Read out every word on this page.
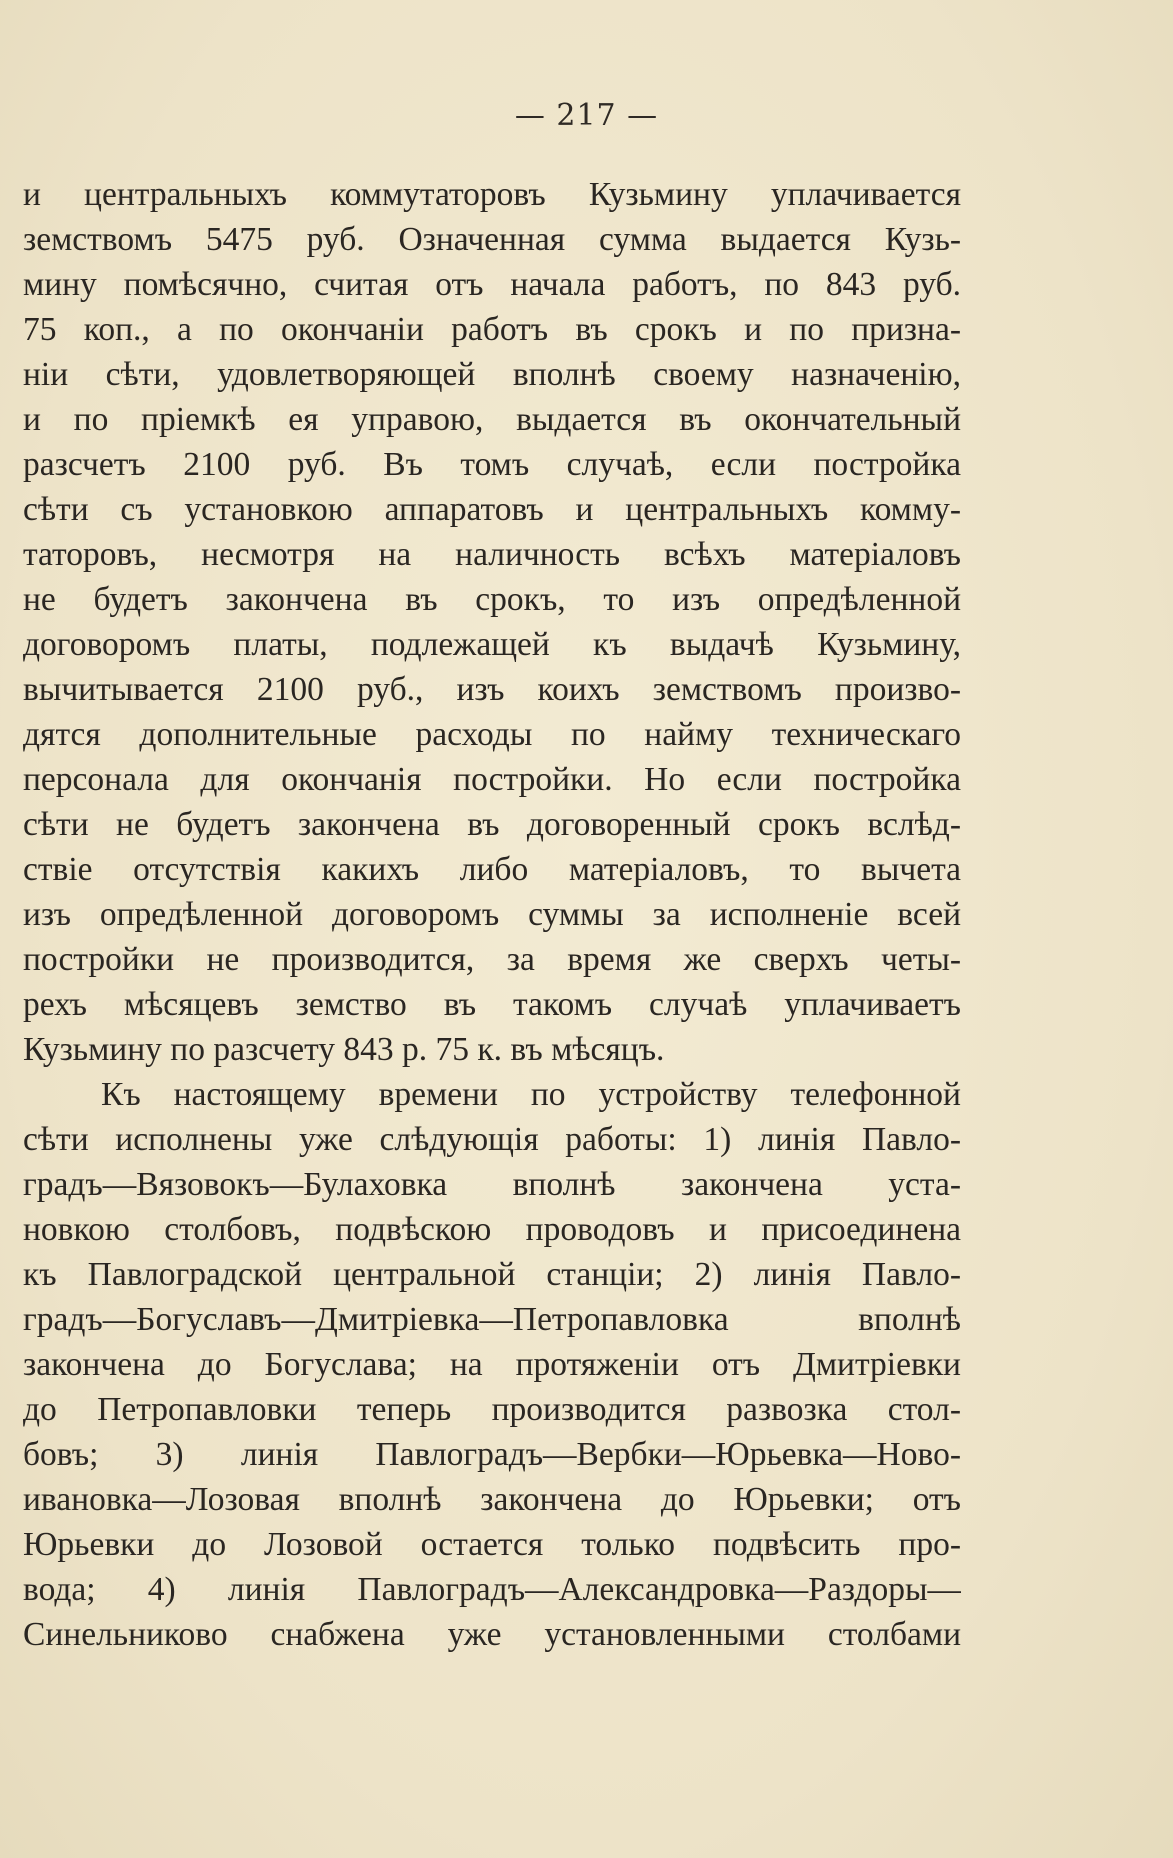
— 217 —
и центральныхъ коммутаторовъ Кузьмину уплачивается
земствомъ 5475 руб. Означенная сумма выдается Кузь-
мину помѣсячно, считая отъ начала работъ, по 843 руб.
75 коп., а по окончаніи работъ въ срокъ и по призна-
ніи сѣти, удовлетворяющей вполнѣ своему назначенію,
и по пріемкѣ ея управою, выдается въ окончательный
разсчетъ 2100 руб. Въ томъ случаѣ, если постройка
сѣти съ установкою аппаратовъ и центральныхъ комму-
таторовъ, несмотря на наличность всѣхъ матеріаловъ
не будетъ закончена въ срокъ, то изъ опредѣленной
договоромъ платы, подлежащей къ выдачѣ Кузьмину,
вычитывается 2100 руб., изъ коихъ земствомъ произво-
дятся дополнительные расходы по найму техническаго
персонала для окончанія постройки. Но если постройка
сѣти не будетъ закончена въ договоренный срокъ вслѣд-
ствіе отсутствія какихъ либо матеріаловъ, то вычета
изъ опредѣленной договоромъ суммы за исполненіе всей
постройки не производится, за время же сверхъ четы-
рехъ мѣсяцевъ земство въ такомъ случаѣ уплачиваетъ
Кузьмину по разсчету 843 р. 75 к. въ мѣсяцъ.
Къ настоящему времени по устройству телефонной
сѣти исполнены уже слѣдующія работы: 1) линія Павло-
градъ—Вязовокъ—Булаховка вполнѣ закончена уста-
новкою столбовъ, подвѣскою проводовъ и присоединена
къ Павлоградской центральной станціи; 2) линія Павло-
градъ—Богуславъ—Дмитріевка—Петропавловка вполнѣ
закончена до Богуслава; на протяженіи отъ Дмитріевки
до Петропавловки теперь производится развозка стол-
бовъ; 3) линія Павлоградъ—Вербки—Юрьевка—Ново-
ивановка—Лозовая вполнѣ закончена до Юрьевки; отъ
Юрьевки до Лозовой остается только подвѣсить про-
вода; 4) линія Павлоградъ—Александровка—Раздоры—
Синельниково снабжена уже установленными столбами
